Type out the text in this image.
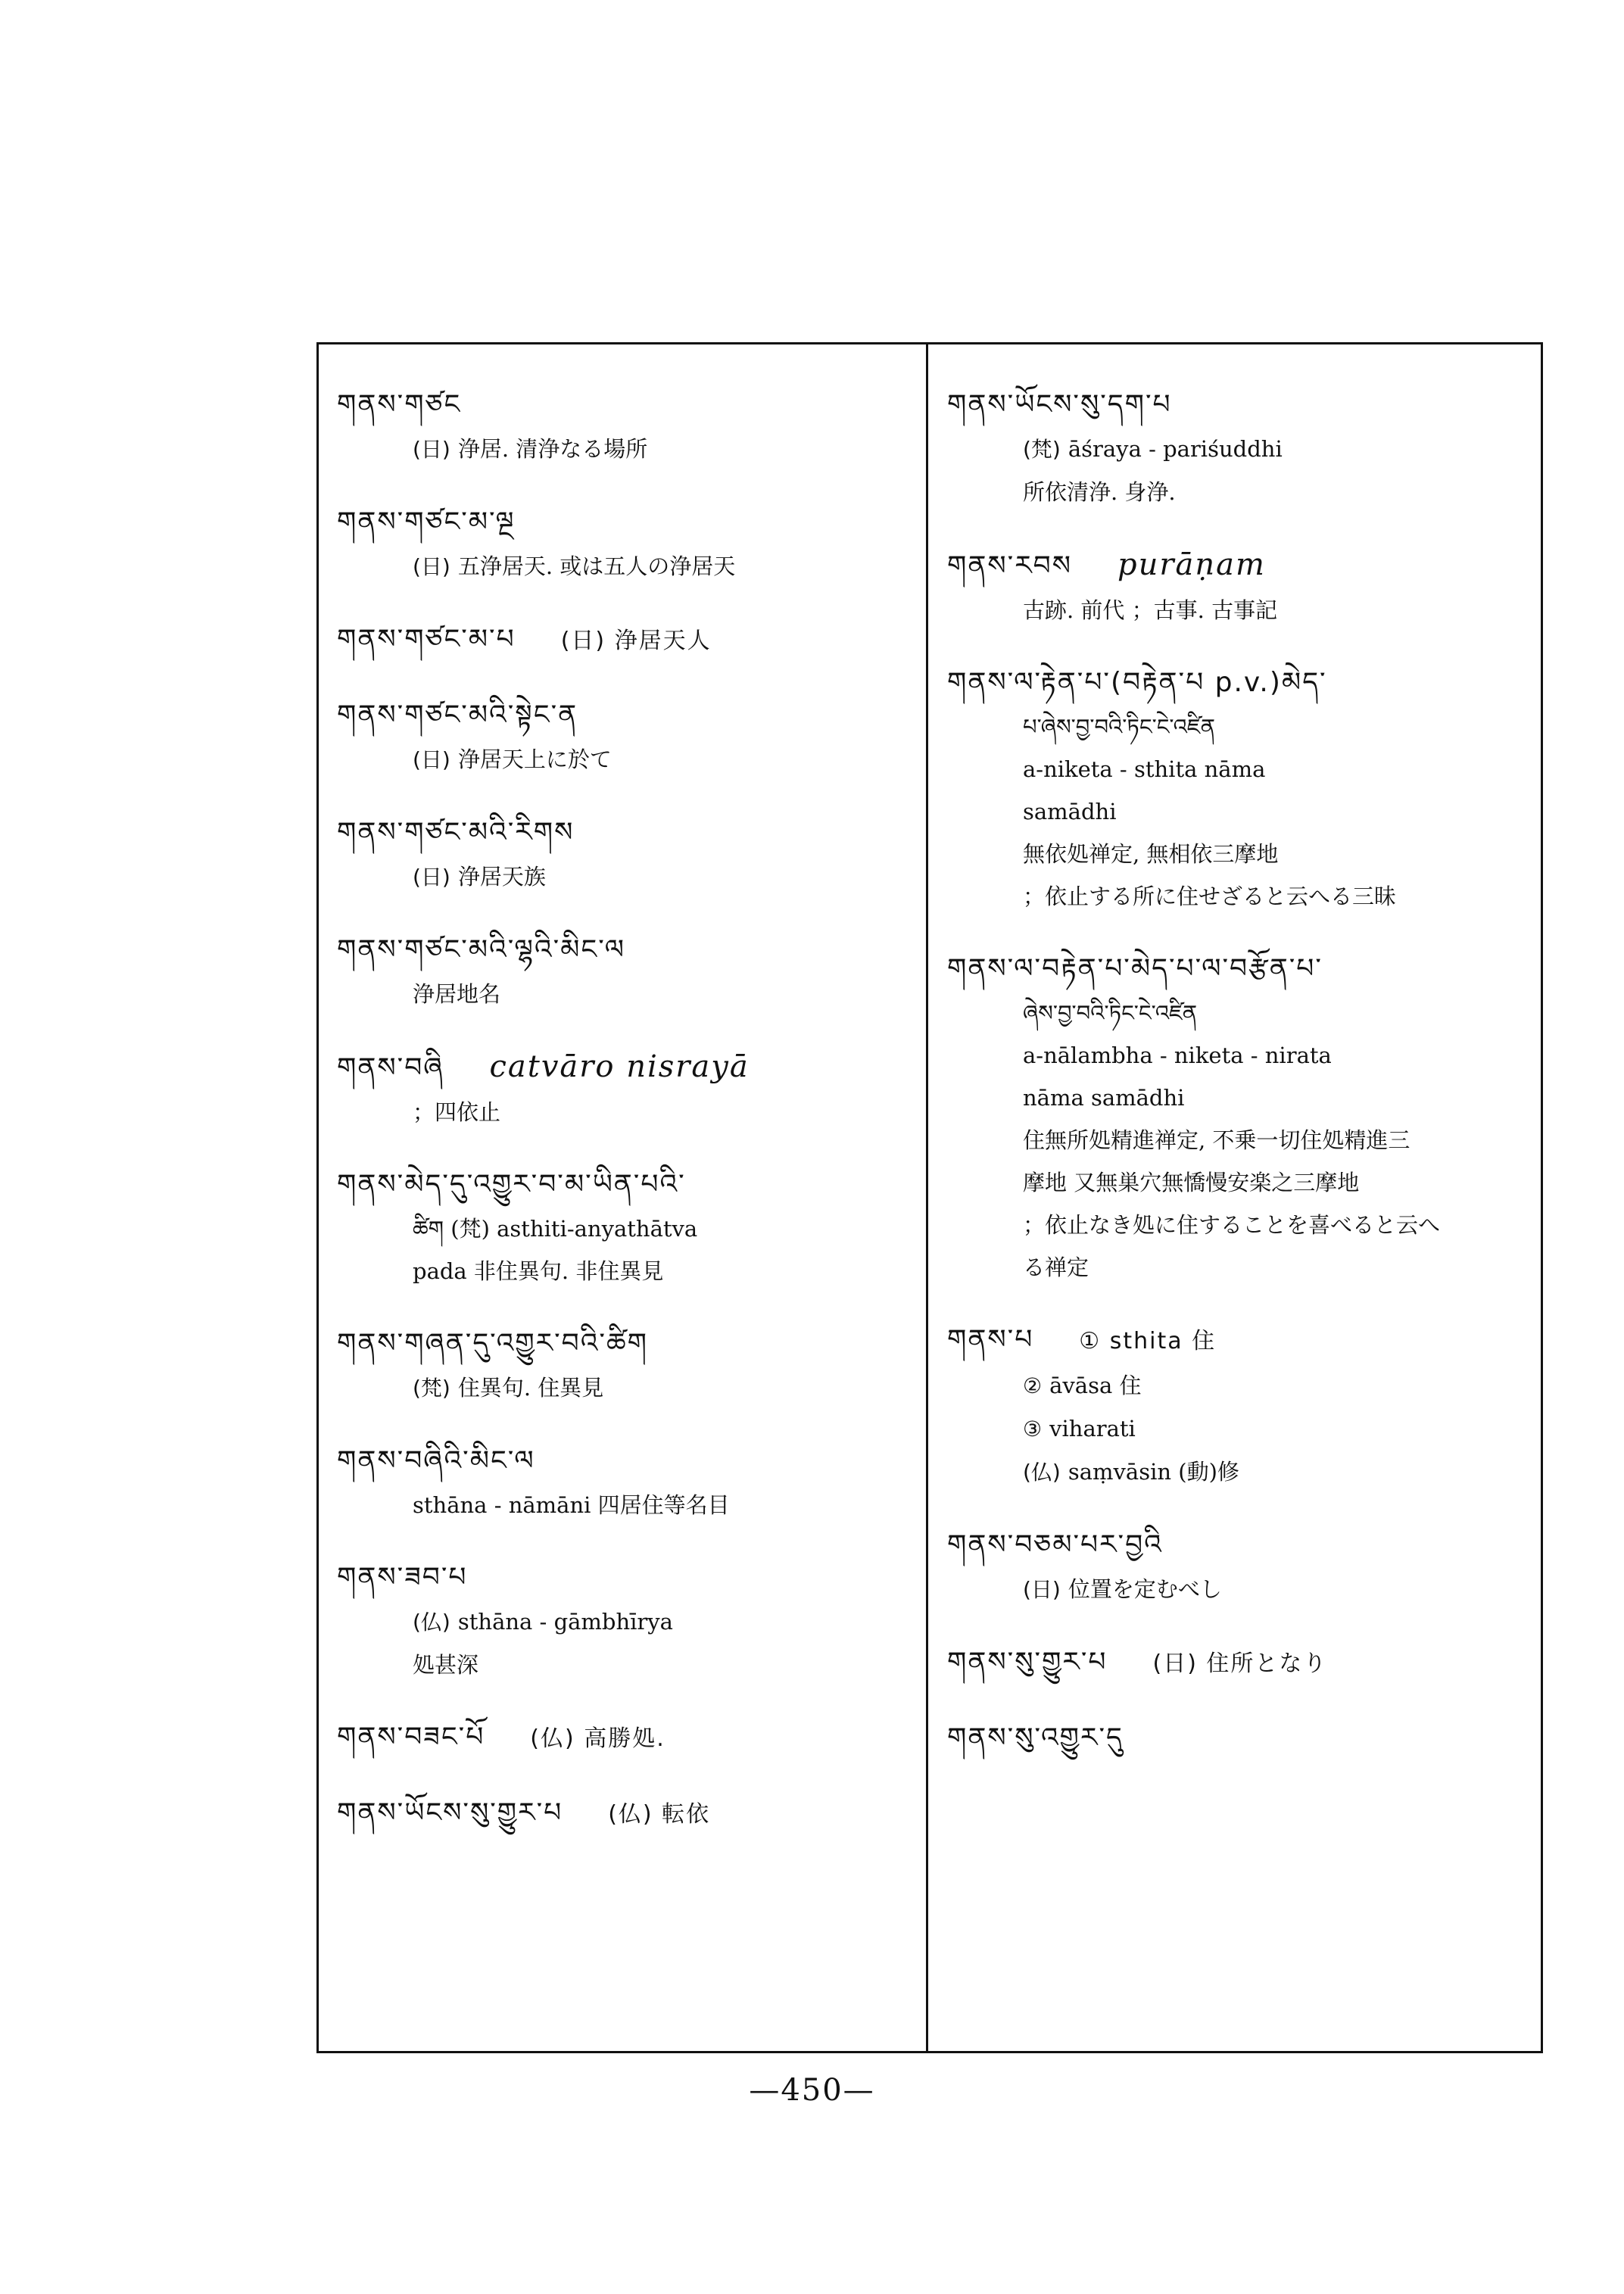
གནས་གཙང
(日) 浄居. 清浄なる場所
གནས་གཙང་མ་ལྔ
(日) 五浄居天. 或は五人の浄居天
གནས་གཙང་མ་པ (日) 浄居天人
གནས་གཙང་མའི་སྟེང་ན
(日) 浄居天上に於て
གནས་གཙང་མའི་རིགས
(日) 浄居天族
གནས་གཙང་མའི་ལྷའི་མིང་ལ
浄居地名
གནས་བཞི catvāro nisrayā
；四依止
གནས་མེད་དུ་འགྱུར་བ་མ་ཡིན་པའི་
ཚིག (梵) asthiti-anyathātva
pada 非住異句. 非住異見
གནས་གཞན་དུ་འགྱུར་བའི་ཚིག
(梵) 住異句. 住異見
གནས་བཞིའི་མིང་ལ
sthāna - nāmāni 四居住等名目
གནས་ཟབ་པ
(仏) sthāna - gāmbhīrya
処甚深
གནས་བཟང་པོ (仏) 高勝処.
གནས་ཡོངས་སུ་གྱུར་པ (仏) 転依
གནས་ཡོངས་སུ་དག་པ
(梵) āśraya - pariśuddhi
所依清浄. 身浄.
གནས་རབས purāṇam
古跡. 前代 ；古事. 古事記
གནས་ལ་རྟེན་པ་(བརྟེན་པ p.v.)མེད་
པ་ཞེས་བྱ་བའི་ཏིང་ངེ་འཛིན
a-niketa - sthita nāma
samādhi
無依処禅定, 無相依三摩地
；依止する所に住せざると云へる三昧
གནས་ལ་བརྟེན་པ་མེད་པ་ལ་བརྩོན་པ་
ཞེས་བྱ་བའི་ཏིང་ངེ་འཛིན
a-nālambha - niketa - nirata
nāma samādhi
住無所処精進禅定, 不乗一切住処精進三
摩地 又無巣穴無憍慢安楽之三摩地
；依止なき処に住することを喜べると云へ
る禅定
གནས་པ ① sthita 住
② āvāsa 住
③ viharati
(仏) saṃvāsin (動)修
གནས་བཅམ་པར་བྱའི
(日) 位置を定むべし
གནས་སུ་གྱུར་པ (日) 住所となり
གནས་སུ་འགྱུར་དུ
—450—
